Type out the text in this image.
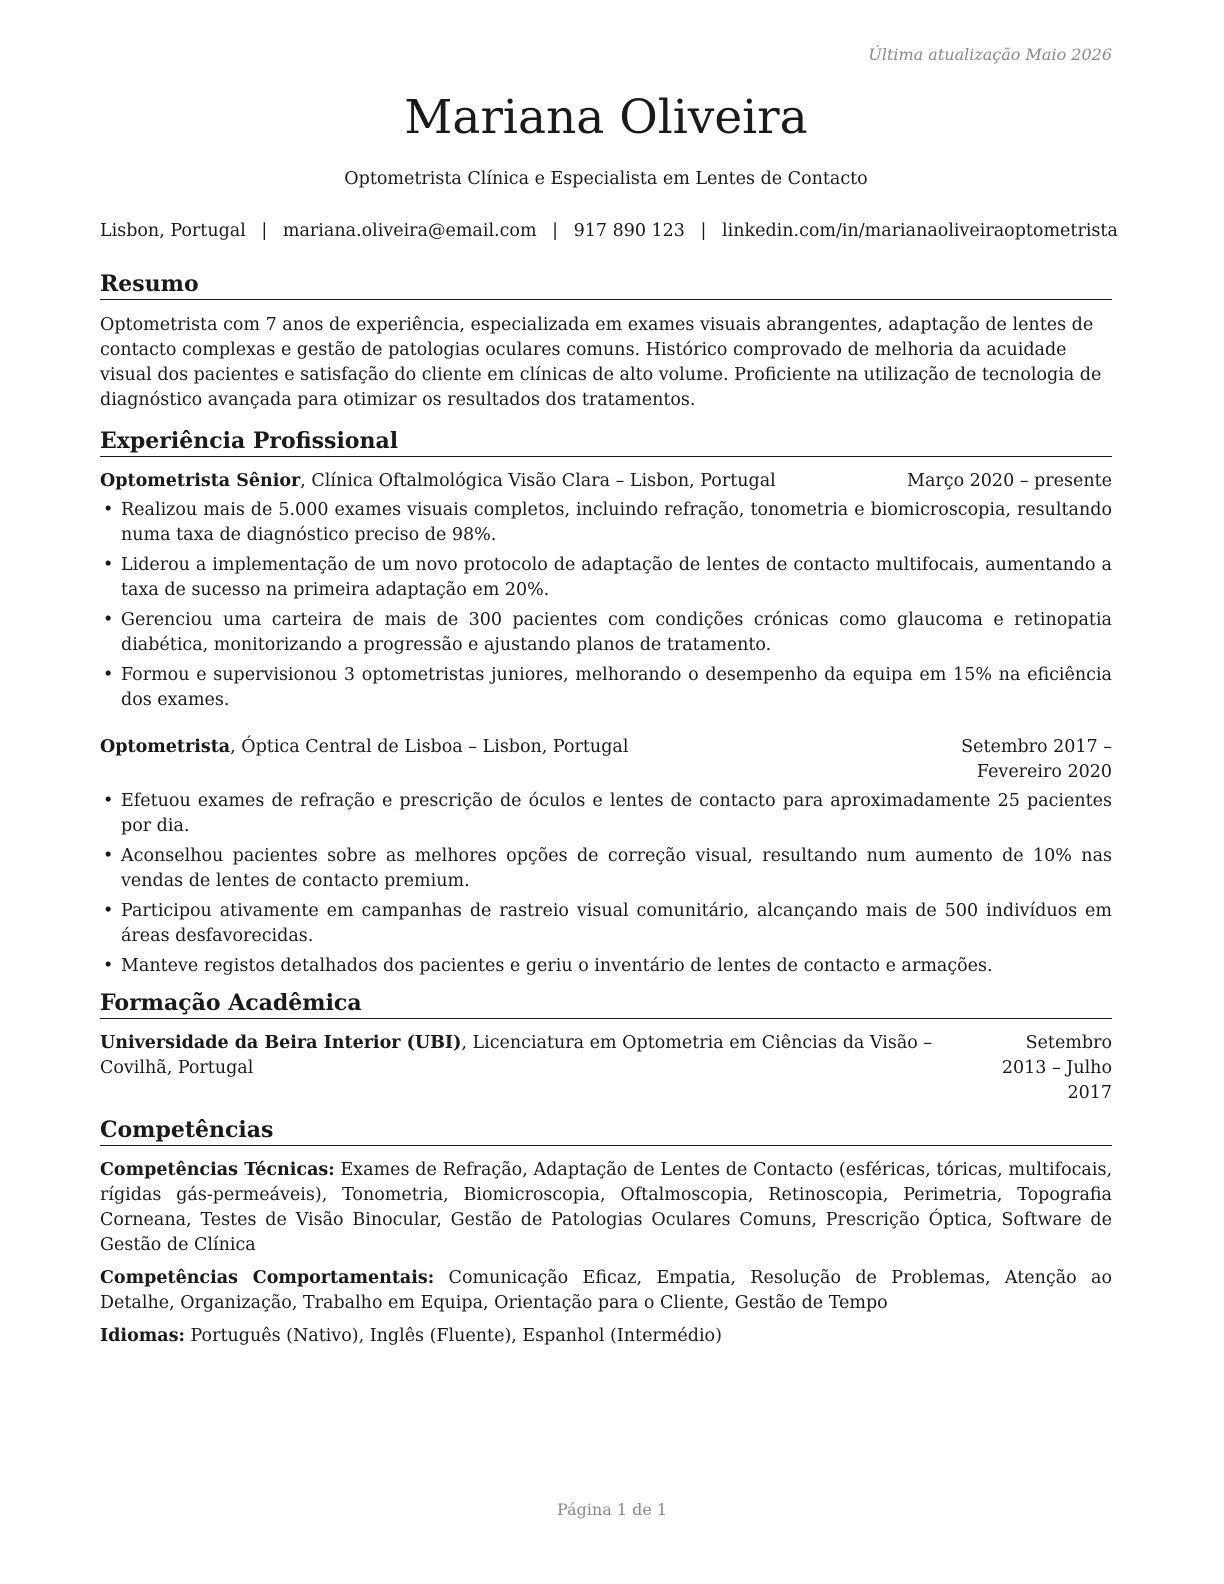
Última atualização Maio 2026
Mariana Oliveira
Optometrista Clínica e Especialista em Lentes de Contacto
Lisbon, Portugal | mariana.oliveira@email.com | 917 890 123 | linkedin.com/in/marianaoliveiraoptometrista
Resumo

Optometrista com 7 anos de experiência, especializada em exames visuais abrangentes, adaptação de lentes de contacto complexas e gestão de patologias oculares comuns. Histórico comprovado de melhoria da acuidade visual dos pacientes e satisfação do cliente em clínicas de alto volume. Proficiente na utilização de tecnologia de diagnóstico avançada para otimizar os resultados dos tratamentos.

Experiência Profissional
Optometrista Sênior, Clínica Oftalmológica Visão Clara – Lisbon, Portugal	Março 2020 – presente
• Realizou mais de 5.000 exames visuais completos, incluindo refração, tonometria e biomicroscopia, resultando numa taxa de diagnóstico preciso de 98%.
• Liderou a implementação de um novo protocolo de adaptação de lentes de contacto multifocais, aumentando a taxa de sucesso na primeira adaptação em 20%.
• Gerenciou uma carteira de mais de 300 pacientes com condições crónicas como glaucoma e retinopatia diabética, monitorizando a progressão e ajustando planos de tratamento.
• Formou e supervisionou 3 optometristas juniores, melhorando o desempenho da equipa em 15% na eficiência dos exames.
Optometrista, Óptica Central de Lisboa – Lisbon, Portugal	Setembro 2017 – Fevereiro 2020
• Efetuou exames de refração e prescrição de óculos e lentes de contacto para aproximadamente 25 pacientes por dia.
• Aconselhou pacientes sobre as melhores opções de correção visual, resultando num aumento de 10% nas vendas de lentes de contacto premium.
• Participou ativamente em campanhas de rastreio visual comunitário, alcançando mais de 500 indivíduos em áreas desfavorecidas.
• Manteve registos detalhados dos pacientes e geriu o inventário de lentes de contacto e armações.
Formação Acadêmica
Universidade da Beira Interior (UBI), Licenciatura em Optometria em Ciências da Visão – Covilhã, Portugal
Setembro 2013 – Julho 2017
Competências
Competências Técnicas: Exames de Refração, Adaptação de Lentes de Contacto (esféricas, tóricas, multifocais, rígidas gás-permeáveis), Tonometria, Biomicroscopia, Oftalmoscopia, Retinoscopia, Perimetria, Topografia Corneana, Testes de Visão Binocular, Gestão de Patologias Oculares Comuns, Prescrição Óptica, Software de Gestão de Clínica
Competências Comportamentais: Comunicação Eficaz, Empatia, Resolução de Problemas, Atenção ao Detalhe, Organização, Trabalho em Equipa, Orientação para o Cliente, Gestão de Tempo
Idiomas: Português (Nativo), Inglês (Fluente), Espanhol (Intermédio)
Página 1 de 1
